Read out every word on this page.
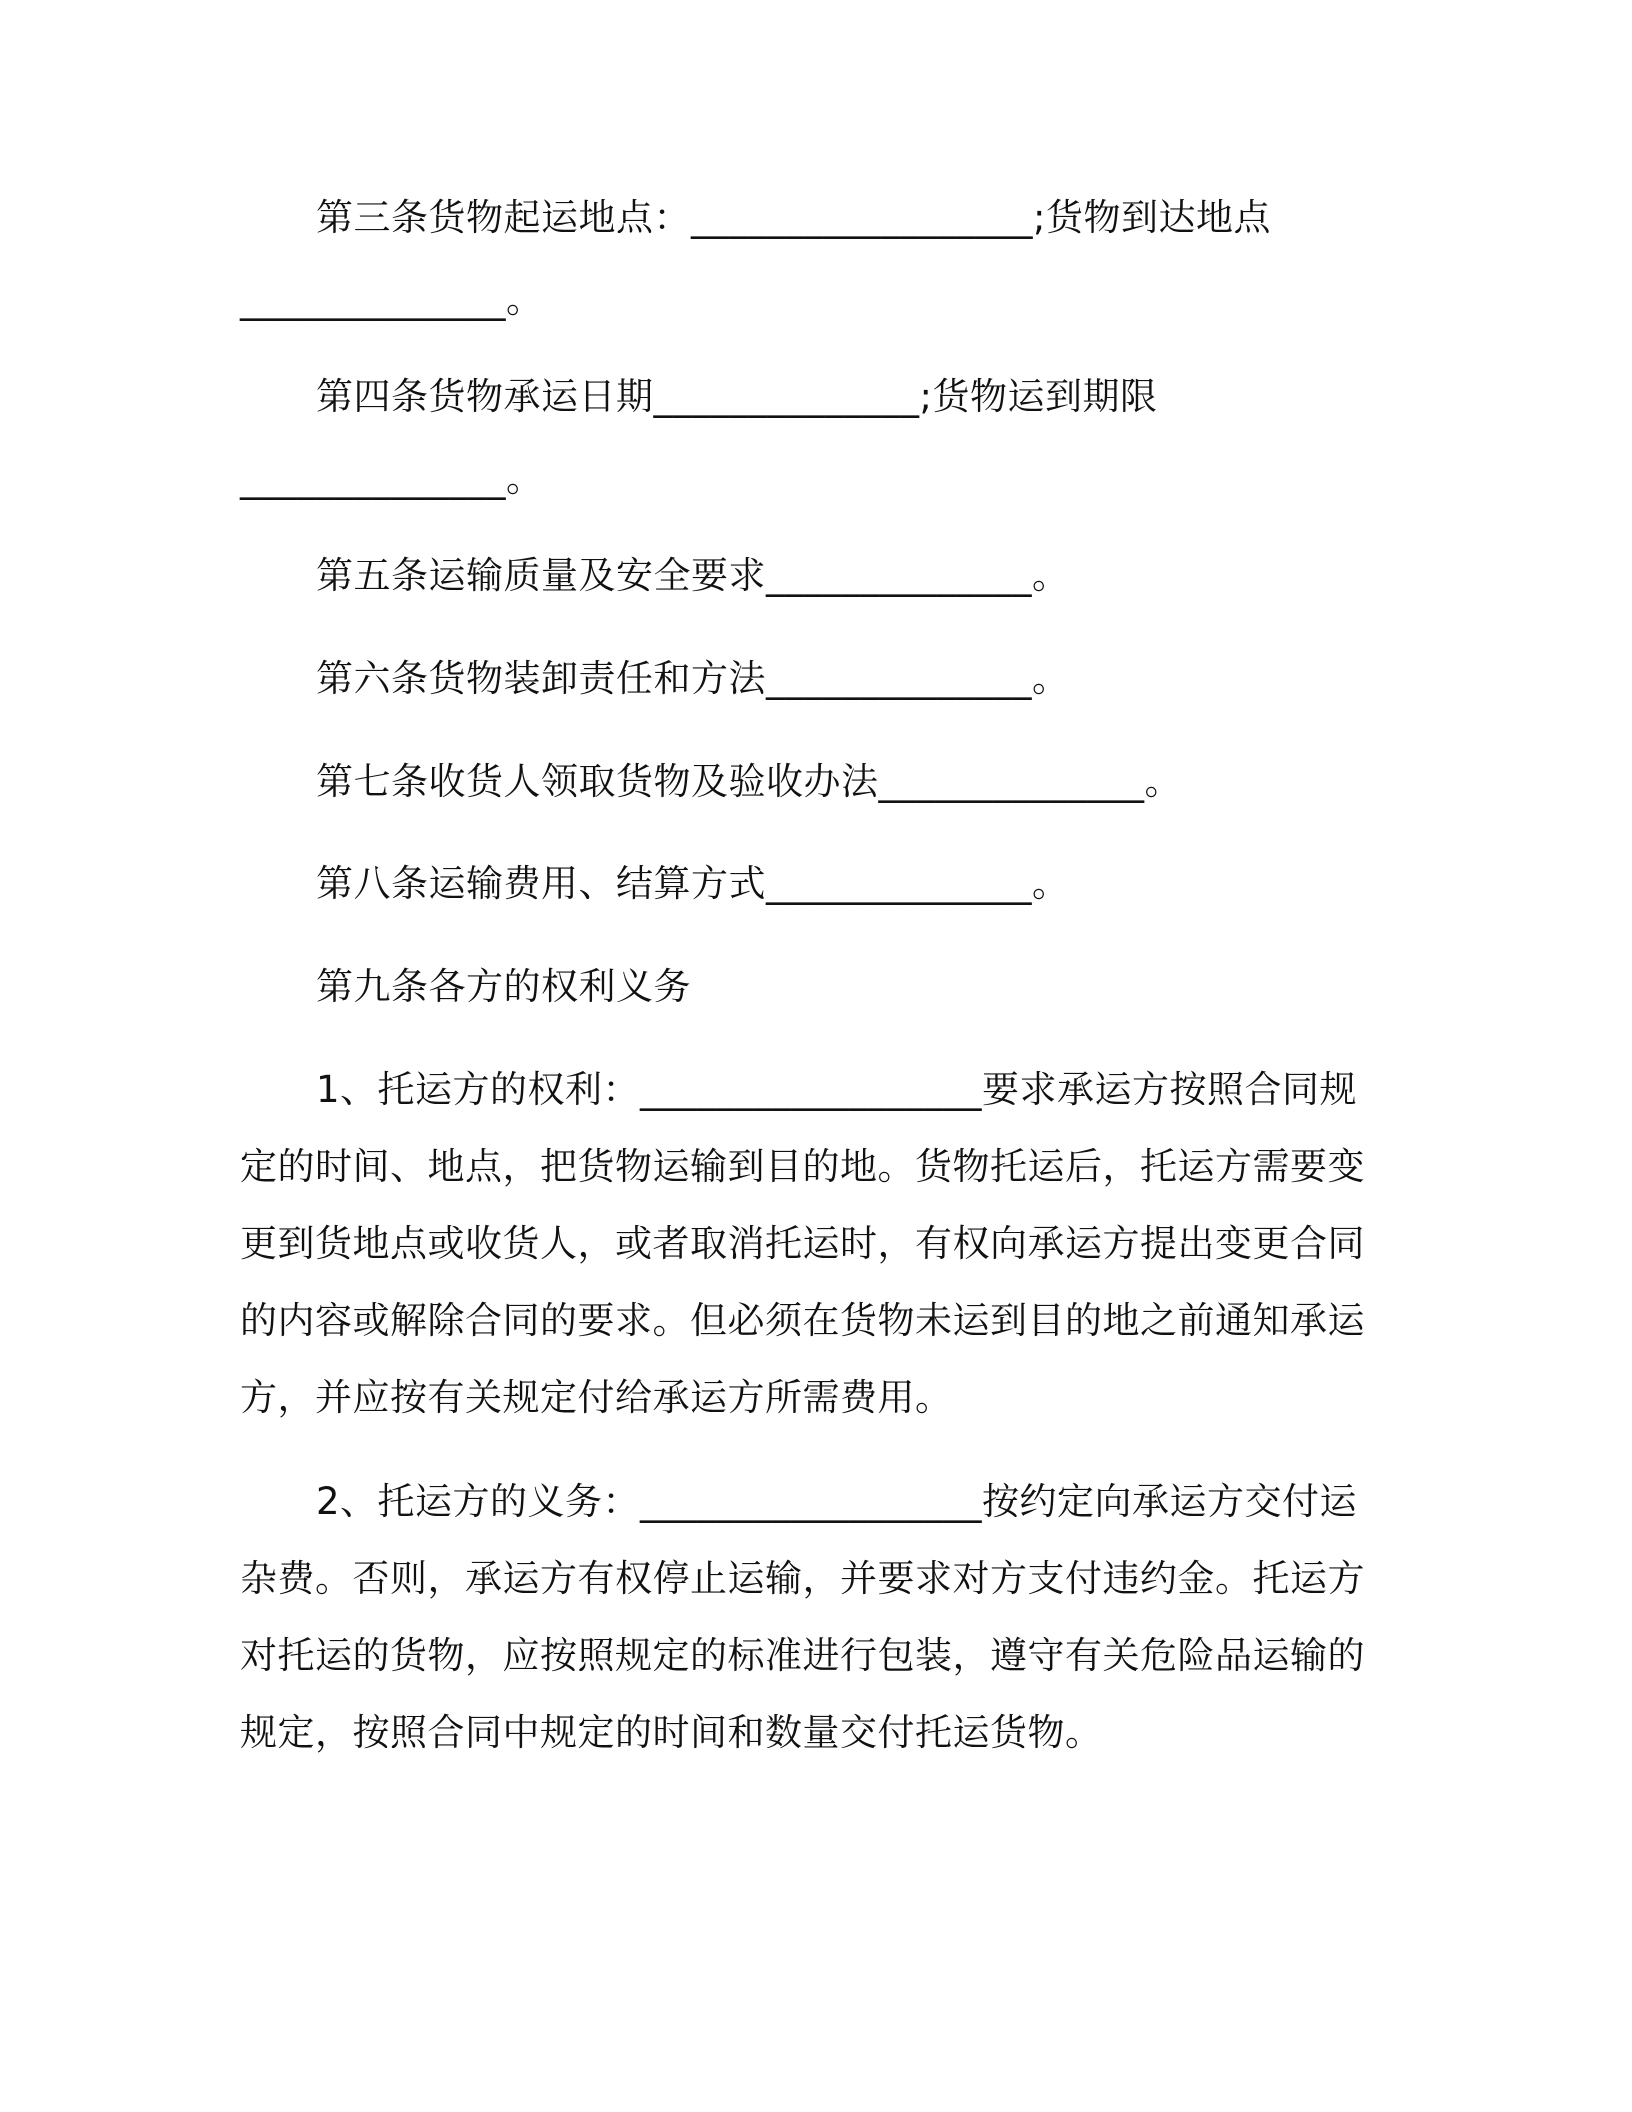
第三条货物起运地点：__________________;货物到达地点
______________。
第四条货物承运日期______________;货物运到期限
______________。
第五条运输质量及安全要求______________。
第六条货物装卸责任和方法______________。
第七条收货人领取货物及验收办法______________。
第八条运输费用、结算方式______________。
第九条各方的权利义务
1、托运方的权利：__________________要求承运方按照合同规
定的时间、地点，把货物运输到目的地。货物托运后，托运方需要变
更到货地点或收货人，或者取消托运时，有权向承运方提出变更合同
的内容或解除合同的要求。但必须在货物未运到目的地之前通知承运
方，并应按有关规定付给承运方所需费用。
2、托运方的义务：__________________按约定向承运方交付运
杂费。否则，承运方有权停止运输，并要求对方支付违约金。托运方
对托运的货物，应按照规定的标准进行包装，遵守有关危险品运输的
规定，按照合同中规定的时间和数量交付托运货物。
